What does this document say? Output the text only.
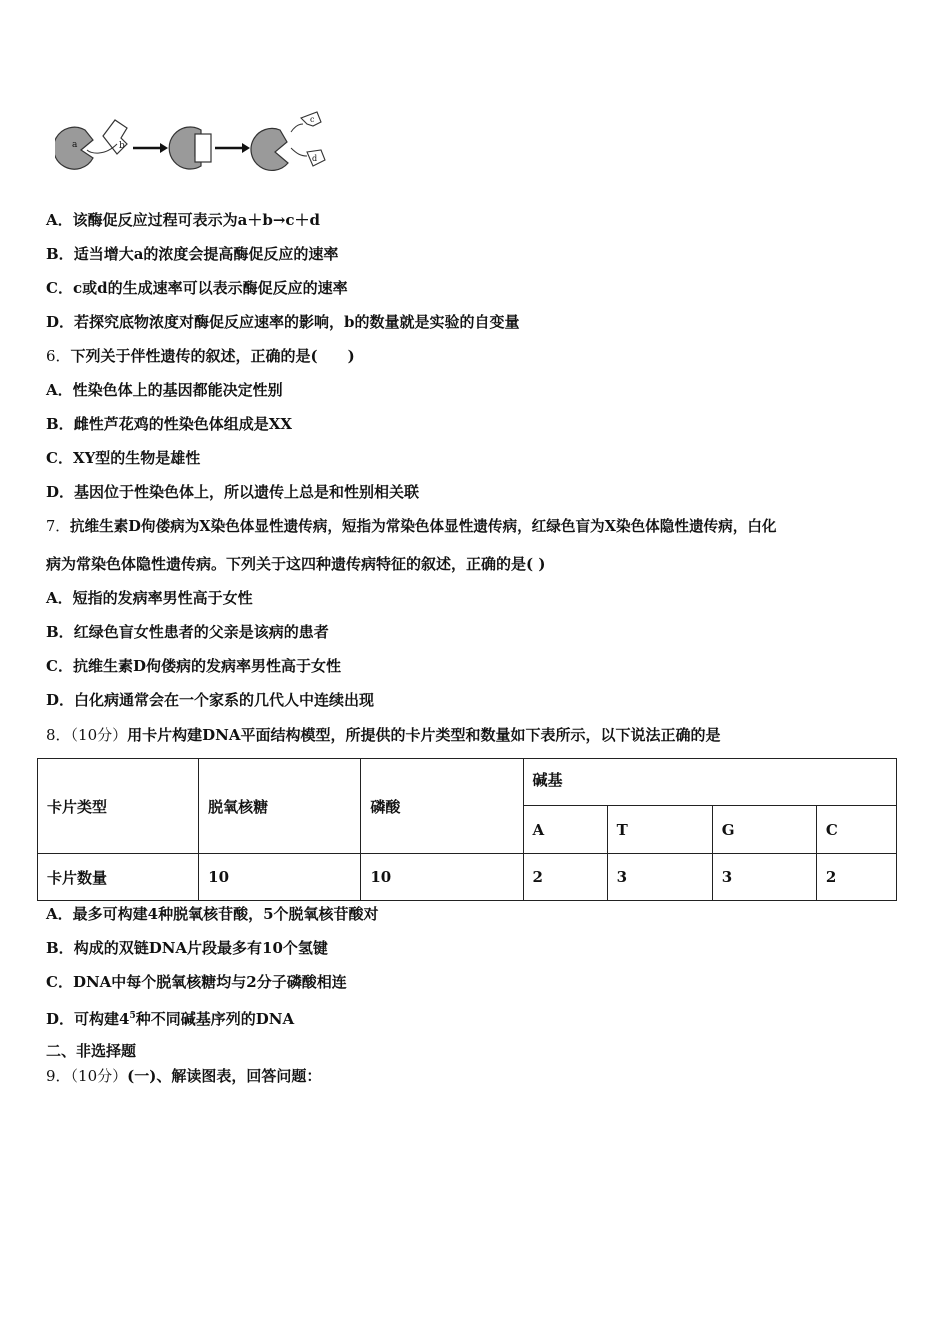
a	b
c
d
A．该酶促反应过程可表示为a＋b→c＋d
B．适当增大a的浓度会提高酶促反应的速率
C．c或d的生成速率可以表示酶促反应的速率
D．若探究底物浓度对酶促反应速率的影响，b的数量就是实验的自变量
6．下列关于伴性遗传的叙述，正确的是(　　)
A．性染色体上的基因都能决定性别
B．雌性芦花鸡的性染色体组成是XX
C．XY型的生物是雄性
D．基因位于性染色体上，所以遗传上总是和性别相关联
7．抗维生素D佝偻病为X染色体显性遗传病，短指为常染色体显性遗传病，红绿色盲为X染色体隐性遗传病，白化
病为常染色体隐性遗传病。下列关于这四种遗传病特征的叙述，正确的是( )
A．短指的发病率男性高于女性
B．红绿色盲女性患者的父亲是该病的患者
C．抗维生素D佝偻病的发病率男性高于女性
D．白化病通常会在一个家系的几代人中连续出现
8．（10分）用卡片构建DNA平面结构模型，所提供的卡片类型和数量如下表所示，以下说法正确的是
卡片类型	脱氧核糖	磷酸	碱基			
			A	T	G	C
卡片数量	10	10	2	3	3	2
A．最多可构建4种脱氧核苷酸，5个脱氧核苷酸对
B．构成的双链DNA片段最多有10个氢键
C．DNA中每个脱氧核糖均与2分子磷酸相连
D．可构建$4^5$种不同碱基序列的DNA
二、非选择题
9．（10分）(一)、解读图表，回答问题：
